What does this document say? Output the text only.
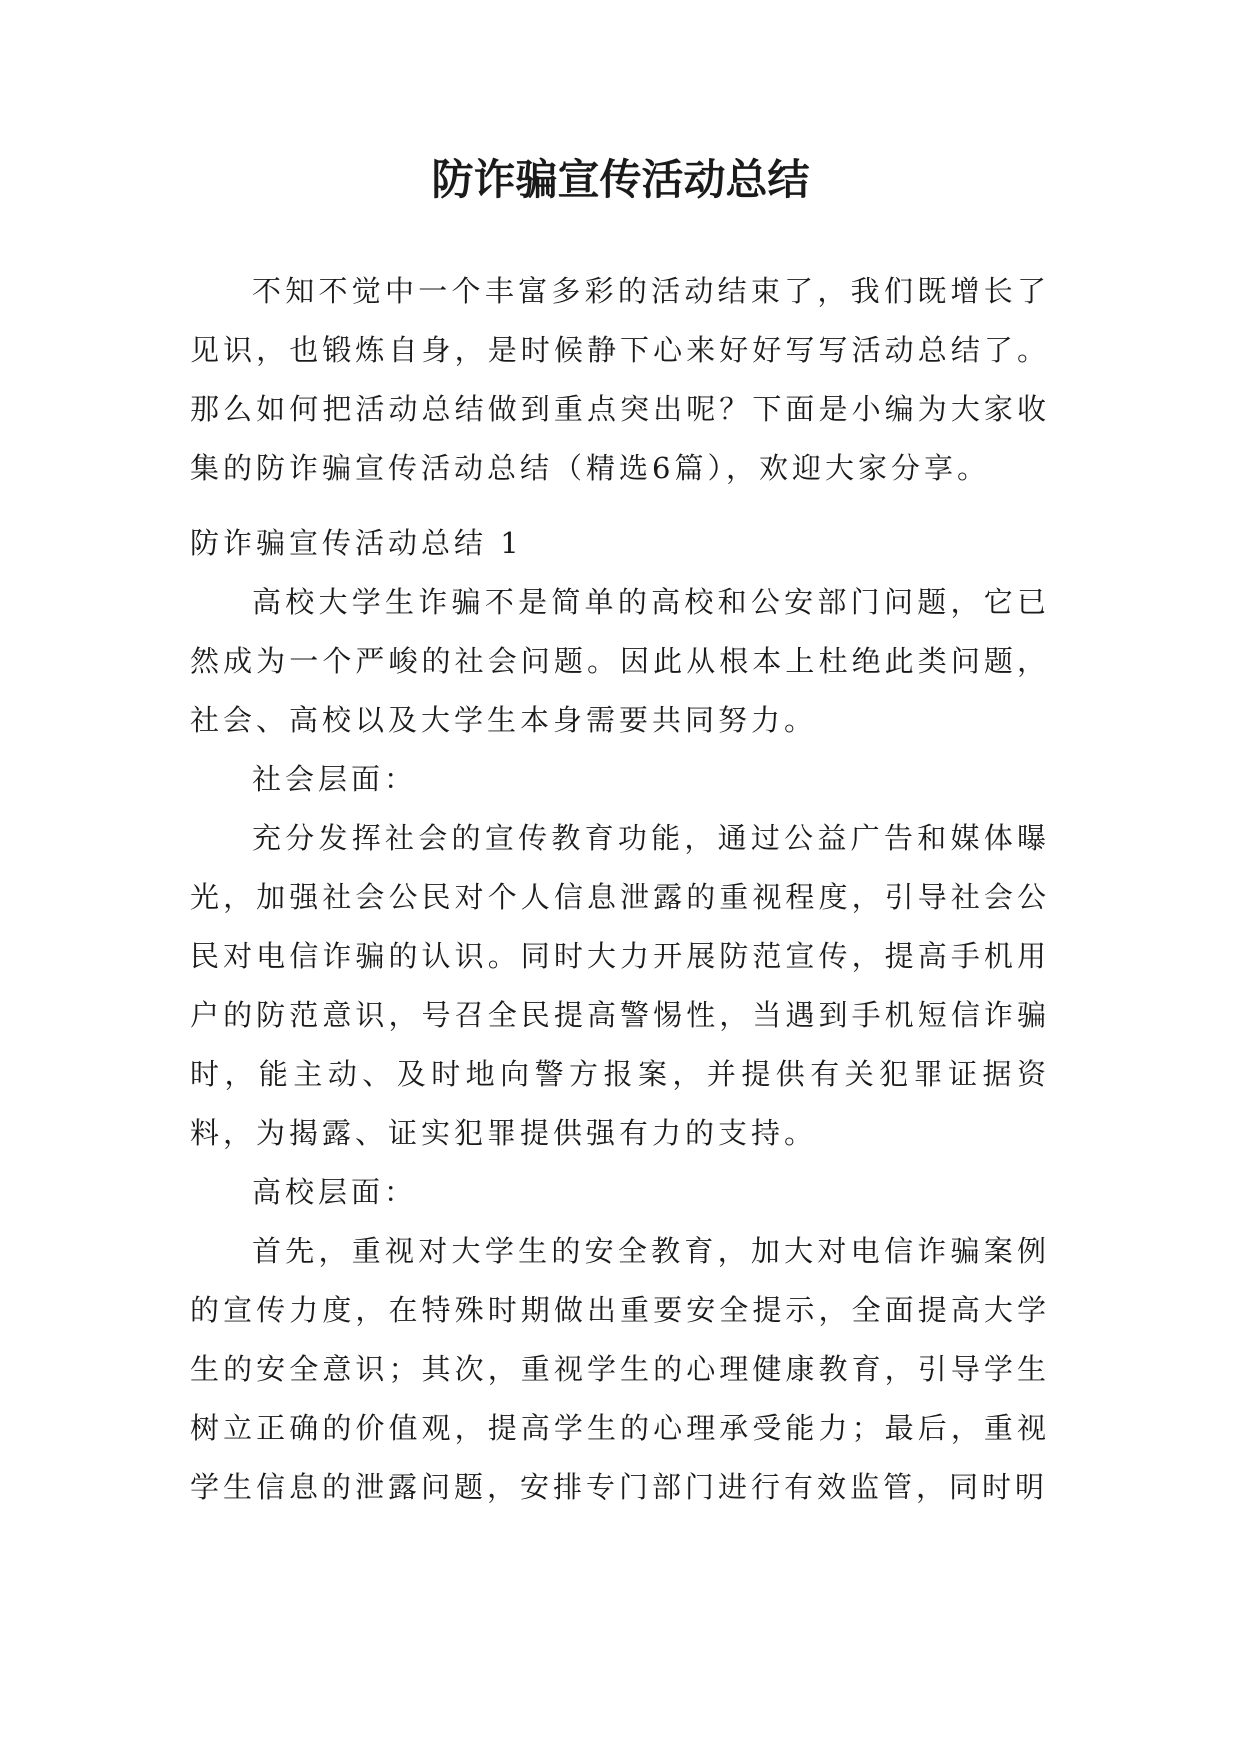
防诈骗宣传活动总结
不知不觉中一个丰富多彩的活动结束了，我们既增长了见识，也锻炼自身，是时候静下心来好好写写活动总结了。那么如何把活动总结做到重点突出呢？下面是小编为大家收集的防诈骗宣传活动总结（精选6篇），欢迎大家分享。
防诈骗宣传活动总结 1
高校大学生诈骗不是简单的高校和公安部门问题，它已然成为一个严峻的社会问题。因此从根本上杜绝此类问题，社会、高校以及大学生本身需要共同努力。
社会层面：
充分发挥社会的宣传教育功能，通过公益广告和媒体曝光，加强社会公民对个人信息泄露的重视程度，引导社会公民对电信诈骗的认识。同时大力开展防范宣传，提高手机用户的防范意识，号召全民提高警惕性，当遇到手机短信诈骗时，能主动、及时地向警方报案，并提供有关犯罪证据资料，为揭露、证实犯罪提供强有力的支持。
高校层面：
首先，重视对大学生的安全教育，加大对电信诈骗案例的宣传力度，在特殊时期做出重要安全提示，全面提高大学生的安全意识；其次，重视学生的心理健康教育，引导学生树立正确的价值观，提高学生的心理承受能力；最后，重视学生信息的泄露问题，安排专门部门进行有效监管，同时明
